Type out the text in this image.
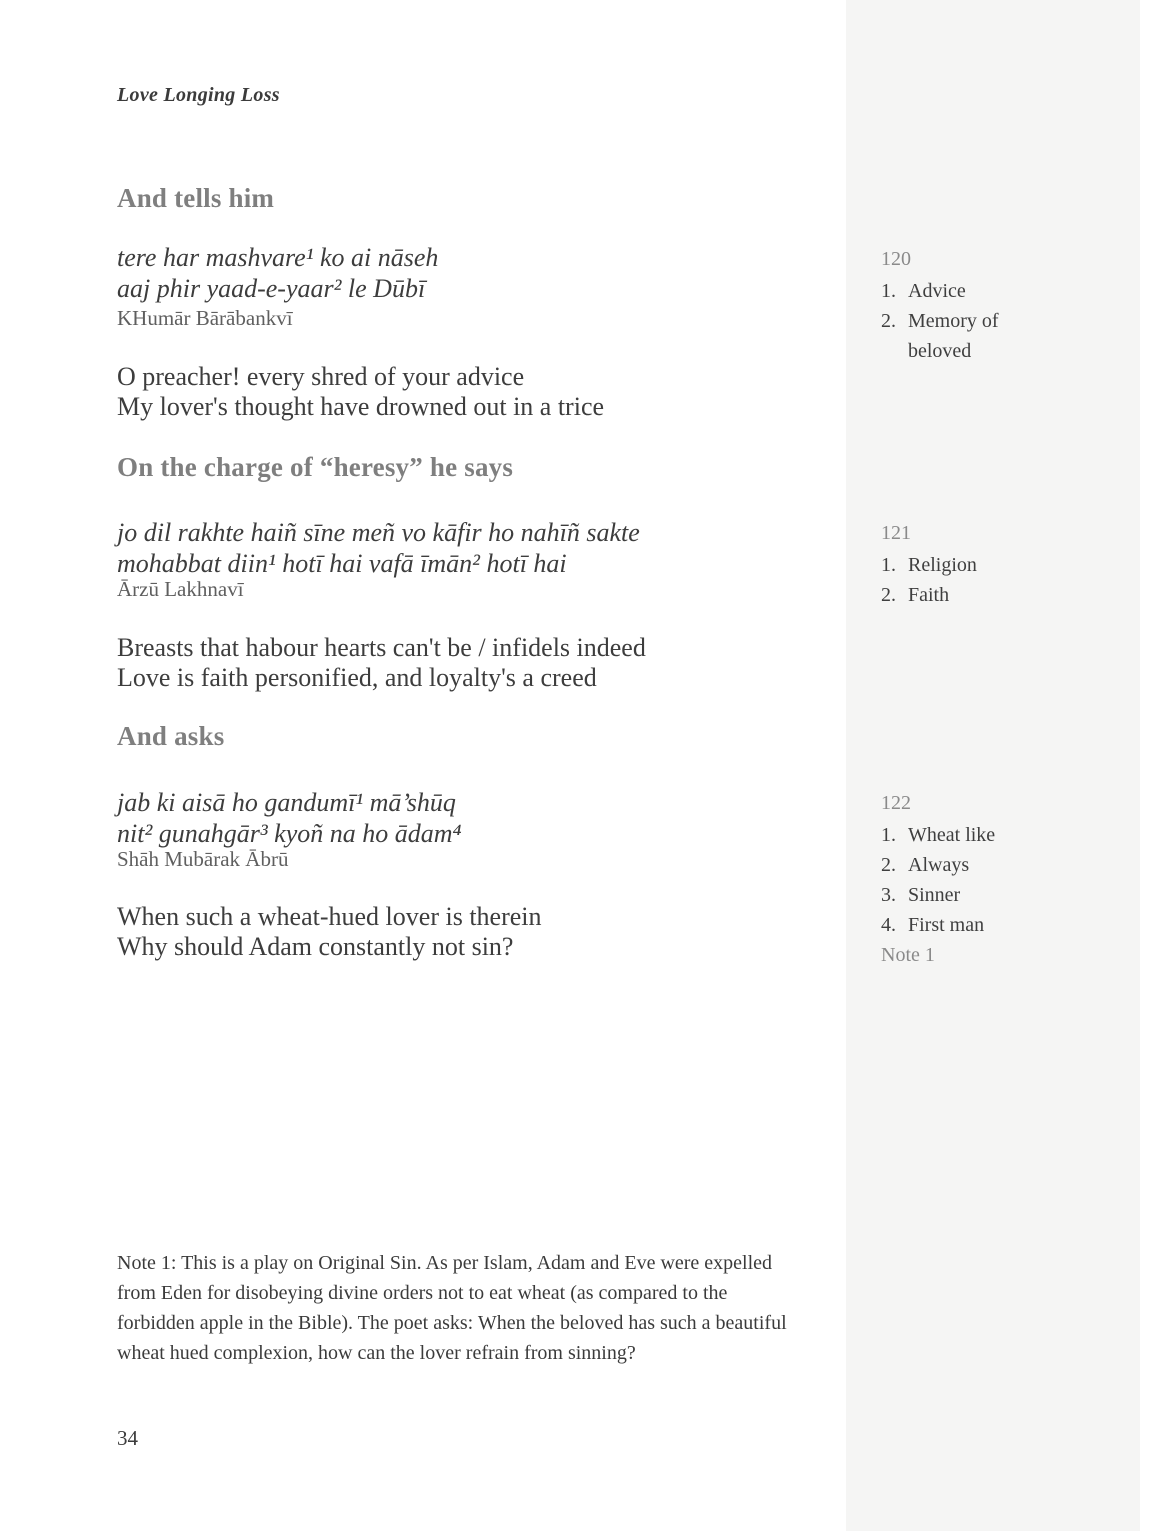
Love Longing Loss
And tells him
tere har mashvare¹ ko ai nāseh
aaj phir yaad-e-yaar² le Dūbī
KHumār Bārābankvī
O preacher! every shred of your advice
My lover's thought have drowned out in a trice
120
1. Advice
2. Memory of beloved
On the charge of “heresy” he says
jo dil rakhte haiñ sīne meñ vo kāfir ho nahīñ sakte
mohabbat diin¹ hotī hai vafā īmān² hotī hai
Ārzū Lakhnavī
Breasts that habour hearts can't be / infidels indeed
Love is faith personified, and loyalty's a creed
121
1. Religion
2. Faith
And asks
jab ki aisā ho gandumī¹ mā’shūq
nit² gunahgār³ kyoñ na ho ādam⁴
Shāh Mubārak Ābrū
When such a wheat-hued lover is therein
Why should Adam constantly not sin?
122
1. Wheat like
2. Always
3. Sinner
4. First man
Note 1
Note 1: This is a play on Original Sin. As per Islam, Adam and Eve were expelled
from Eden for disobeying divine orders not to eat wheat (as compared to the
forbidden apple in the Bible). The poet asks: When the beloved has such a beautiful
wheat hued complexion, how can the lover refrain from sinning?
34
